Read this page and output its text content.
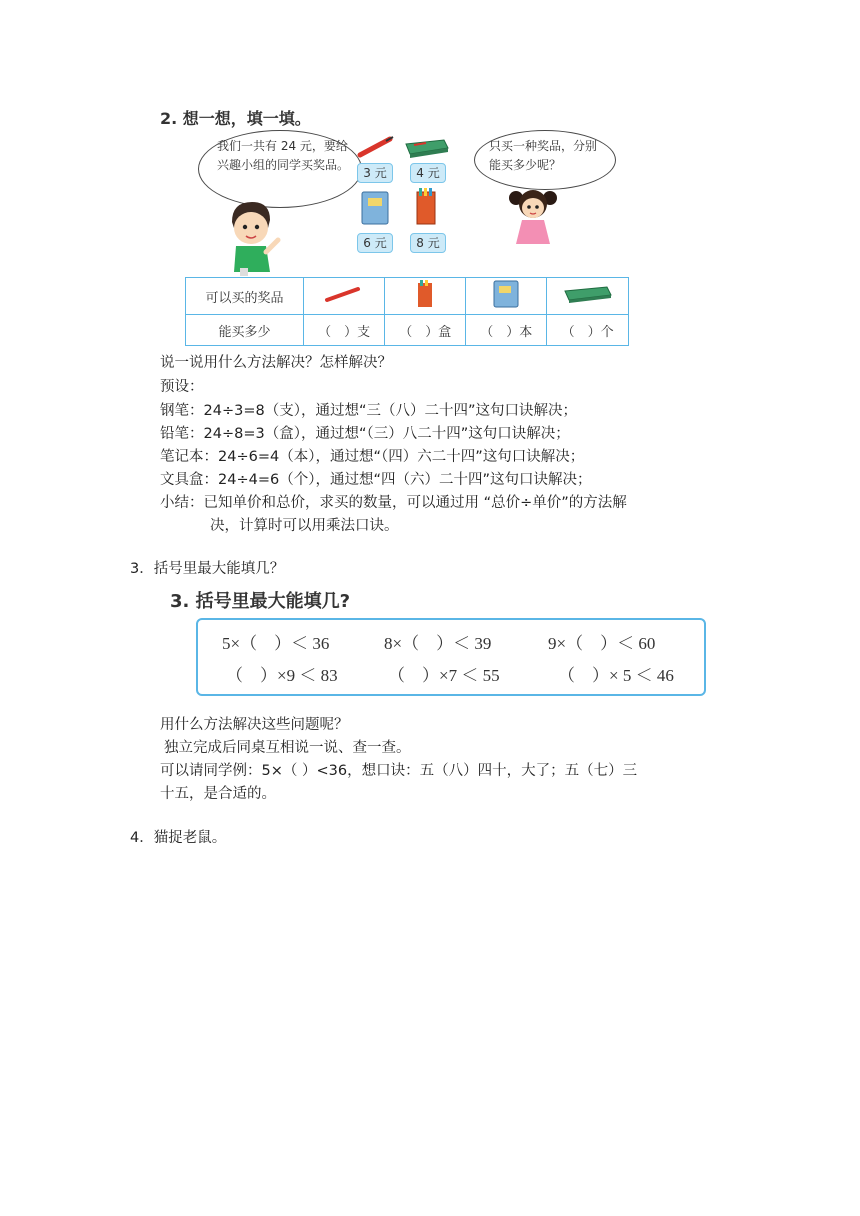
2. 想一想，填一填。
我们一共有 24 元，要给兴趣小组的同学买奖品。
3 元	4 元
6 元	8 元
只买一种奖品，分别能买多少呢？
可以买的奖品				
能买多少	（　）支	（　）盒	（　）本	（　）个
说一说用什么方法解决？怎样解决？
预设：
钢笔：24÷3=8（支），通过想“三（八）二十四”这句口诀解决；
铅笔：24÷8=3（盒），通过想“（三）八二十四”这句口诀解决；
笔记本：24÷6=4（本），通过想“（四）六二十四”这句口诀解决；
文具盒：24÷4=6（个），通过想“四（六）二十四”这句口诀解决；
小结：已知单价和总价，求买的数量，可以通过用 “总价÷单价”的方法解
决，计算时可以用乘法口诀。
3．括号里最大能填几？
3. 括号里最大能填几?
5×（　）＜ 36	8×（　）＜ 39	9×（　）＜ 60
（　）×9 ＜ 83	（　）×7 ＜ 55	（　）× 5 ＜ 46
用什么方法解决这些问题呢？
独立完成后同桌互相说一说、查一查。
可以请同学例：5×（ ）<36，想口诀：五（八）四十，大了；五（七）三
十五，是合适的。
4．猫捉老鼠。
